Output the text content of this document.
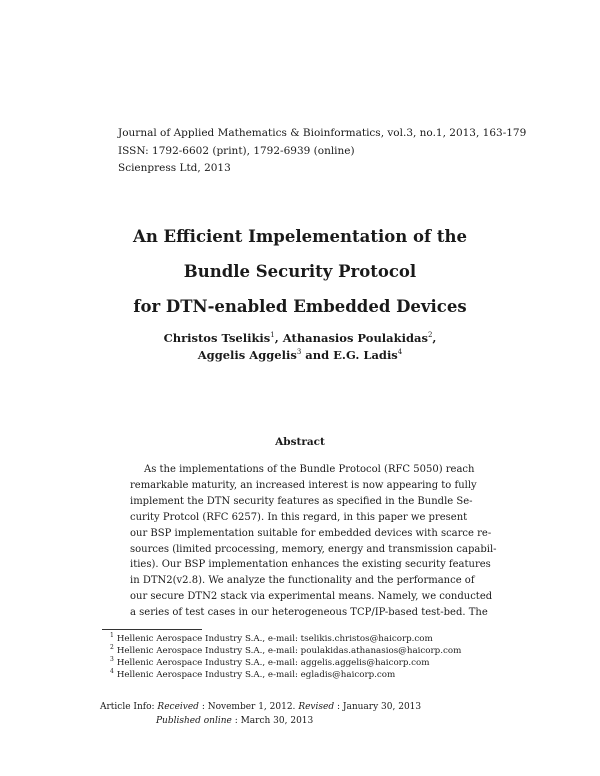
Journal of Applied Mathematics & Bioinformatics, vol.3, no.1, 2013, 163-179
ISSN: 1792-6602 (print), 1792-6939 (online)
Scienpress Ltd, 2013
An Efficient Impelementation of the
Bundle Security Protocol
for DTN-enabled Embedded Devices
Christos Tselikis$^1$, Athanasios Poulakidas$^2$,
Aggelis Aggelis$^3$ and E.G. Ladis$^4$
Abstract
As the implementations of the Bundle Protocol (RFC 5050) reach
remarkable maturity, an increased interest is now appearing to fully
implement the DTN security features as specified in the Bundle Se-
curity Protcol (RFC 6257). In this regard, in this paper we present
our BSP implementation suitable for embedded devices with scarce re-
sources (limited prcocessing, memory, energy and transmission capabil-
ities). Our BSP implementation enhances the existing security features
in DTN2(v2.8). We analyze the functionality and the performance of
our secure DTN2 stack via experimental means. Namely, we conducted
a series of test cases in our heterogeneous TCP/IP-based test-bed. The
$^1$ Hellenic Aerospace Industry S.A., e-mail: tselikis.christos@haicorp.com
$^2$ Hellenic Aerospace Industry S.A., e-mail: poulakidas.athanasios@haicorp.com
$^3$ Hellenic Aerospace Industry S.A., e-mail: aggelis.aggelis@haicorp.com
$^4$ Hellenic Aerospace Industry S.A., e-mail: egladis@haicorp.com
Article Info: Received : November 1, 2012. Revised : January 30, 2013
Published online : March 30, 2013
